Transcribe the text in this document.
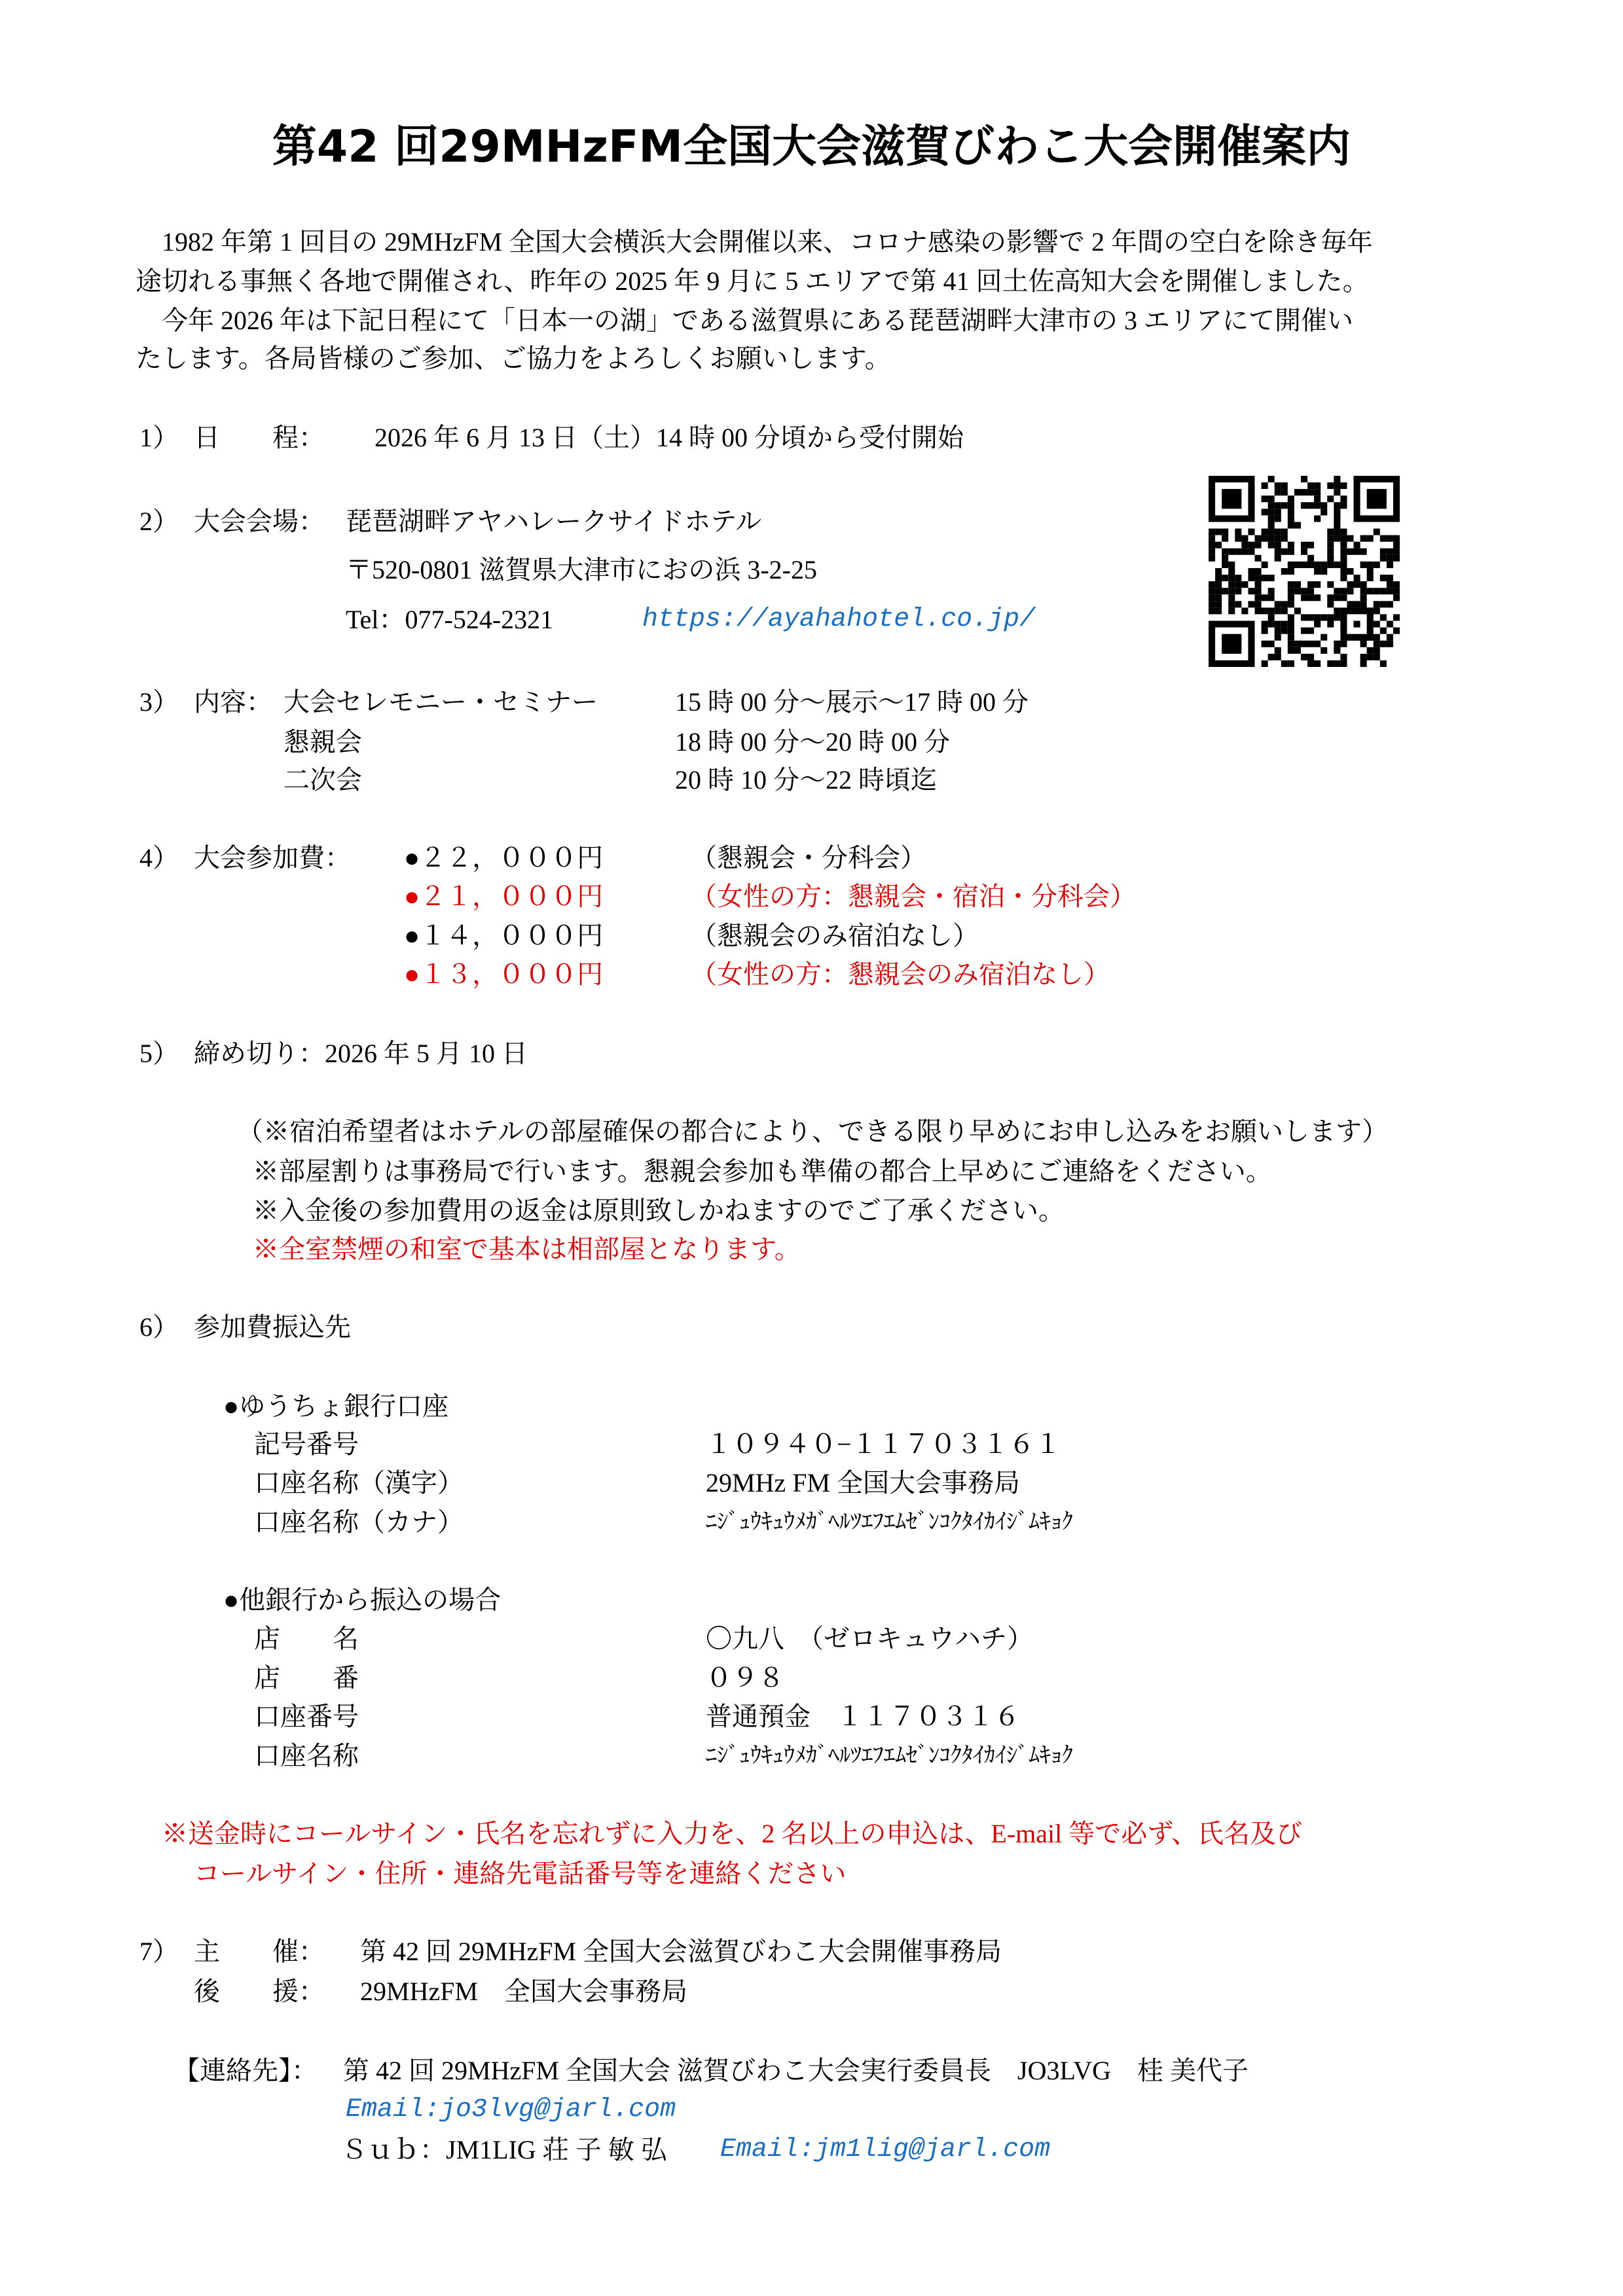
第42 回29MHzFM全国大会滋賀びわこ大会開催案内
1982 年第 1 回目の 29MHzFM 全国大会横浜大会開催以来、コロナ感染の影響で 2 年間の空白を除き毎年
途切れる事無く各地で開催され、昨年の 2025 年 9 月に 5 エリアで第 41 回土佐高知大会を開催しました。
今年 2026 年は下記日程にて「日本一の湖」である滋賀県にある琵琶湖畔大津市の 3 エリアにて開催い
たします。各局皆様のご参加、ご協力をよろしくお願いします。
1） 日　　程： 2026 年 6 月 13 日（土）14 時 00 分頃から受付開始
2） 大会会場： 琵琶湖畔アヤハレークサイドホテル
〒520-0801 滋賀県大津市におの浜 3-2-25
Tel：077-524-2321	https://ayahahotel.co.jp/
3） 内容： 大会セレモニー・セミナー	15 時 00 分〜展示〜17 時 00 分
懇親会	18 時 00 分〜20 時 00 分
二次会	20 時 10 分〜22 時頃迄
4） 大会参加費： ●２２，０００円	（懇親会・分科会）
●２１，０００円	（女性の方：懇親会・宿泊・分科会）
●１４，０００円	（懇親会のみ宿泊なし）
●１３，０００円	（女性の方：懇親会のみ宿泊なし）
5） 締め切り：2026 年 5 月 10 日
（※宿泊希望者はホテルの部屋確保の都合により、できる限り早めにお申し込みをお願いします）
※部屋割りは事務局で行います。懇親会参加も準備の都合上早めにご連絡をください。
※入金後の参加費用の返金は原則致しかねますのでご了承ください。
※全室禁煙の和室で基本は相部屋となります。
6） 参加費振込先
●ゆうちょ銀行口座
記号番号	１０９４０−１１７０３１６１
口座名称（漢字）	29MHz FM 全国大会事務局
口座名称（カナ）	ﾆｼﾞｭｳｷｭｳﾒｶﾞﾍﾙﾂｴﾌｴﾑｾﾞﾝｺｸﾀｲｶｲｼﾞﾑｷｮｸ
●他銀行から振込の場合
店　　名	〇九八　（ゼロキュウハチ）
店　　番	０９８
口座番号	普通預金　１１７０３１６
口座名称	ﾆｼﾞｭｳｷｭｳﾒｶﾞﾍﾙﾂｴﾌｴﾑｾﾞﾝｺｸﾀｲｶｲｼﾞﾑｷｮｸ
※送金時にコールサイン・氏名を忘れずに入力を、2 名以上の申込は、E-mail 等で必ず、氏名及び
コールサイン・住所・連絡先電話番号等を連絡ください
7） 主　　催： 第 42 回 29MHzFM 全国大会滋賀びわこ大会開催事務局
後　　援： 29MHzFM　全国大会事務局
【連絡先】： 第 42 回 29MHzFM 全国大会 滋賀びわこ大会実行委員長　JO3LVG　桂 美代子
Email:jo3lvg@jarl.com
Ｓｕｂ：JM1LIG 荘 子 敏 弘 Email:jm1lig@jarl.com
